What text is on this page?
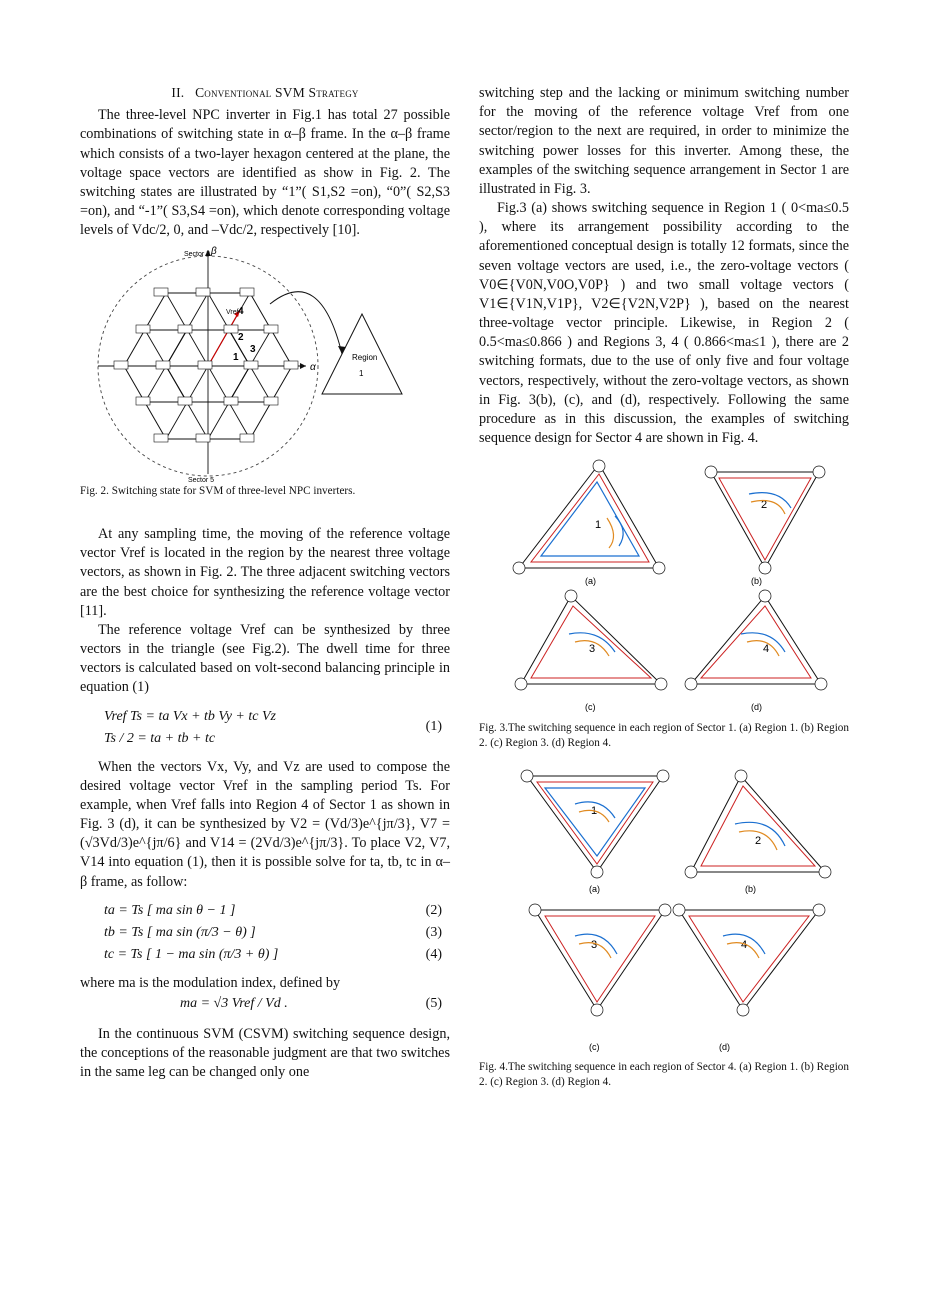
II. Conventional SVM Strategy

The three-level NPC inverter in Fig.1 has total 27 possible combinations of switching state in α–β frame. In the α–β frame which consists of a two-layer hexagon centered at the plane, the voltage space vectors are identified as show in Fig. 2. The switching states are illustrated by “1”( S1,S2 =on), “0”( S2,S3 =on), and “-1”( S3,S4 =on), which denote corresponding voltage levels of Vdc/2, 0, and –Vdc/2, respectively [10].

α
β
Vref
1
3
2
4
Sector 2
Sector 5
Region
1
Fig. 2. Switching state for SVM of three-level NPC inverters.

At any sampling time, the moving of the reference voltage vector Vref is located in the region by the nearest three voltage vectors, as shown in Fig. 2. The three adjacent switching vectors are the best choice for synthesizing the reference voltage vector [11].

The reference voltage Vref can be synthesized by three vectors in the triangle (see Fig.2). The dwell time for three vectors is calculated based on volt-second balancing principle in equation (1)

Vref Ts = ta Vx + tb Vy + tc Vz
Ts / 2 = ta + tb + tc
(1)

When the vectors Vx, Vy, and Vz are used to compose the desired voltage vector Vref in the sampling period Ts. For example, when Vref falls into Region 4 of Sector 1 as shown in Fig. 3 (d), it can be synthesized by V2 = (Vd/3)e^{jπ/3}, V7 = (√3Vd/3)e^{jπ/6} and V14 = (2Vd/3)e^{jπ/3}. To place V2, V7, V14 into equation (1), then it is possible solve for ta, tb, tc in α–β frame, as follow:

ta = Ts [ ma sin θ − 1 ]	(2)
tb = Ts [ ma sin (π/3 − θ) ]	(3)
tc = Ts [ 1 − ma sin (π/3 + θ) ]	(4)

where ma is the modulation index, defined by

ma = √3 Vref / Vd .	(5)

In the continuous SVM (CSVM) switching sequence design, the conceptions of the reasonable judgment are that two switches in the same leg can be changed only one

switching step and the lacking or minimum switching number for the moving of the reference voltage Vref from one sector/region to the next are required, in order to minimize the switching power losses for this inverter. Among these, the examples of the switching sequence arrangement in Sector 1 are illustrated in Fig. 3.

Fig.3 (a) shows switching sequence in Region 1 ( 0<ma≤0.5 ), where its arrangement possibility according to the aforementioned conceptual design is totally 12 formats, since the seven voltage vectors are used, i.e., the zero-voltage vectors ( V0∈{V0N,V0O,V0P} ) and two small voltage vectors ( V1∈{V1N,V1P}, V2∈{V2N,V2P} ), based on the nearest three-voltage vector principle. Likewise, in Region 2 ( 0.5<ma≤0.866 ) and Regions 3, 4 ( 0.866<ma≤1 ), there are 2 switching formats, due to the use of only five and four voltage vectors, respectively, without the zero-voltage vectors, as shown in Fig. 3(b), (c), and (d), respectively. Following the same procedure as in this discussion, the examples of switching sequence design for Sector 4 are shown in Fig. 4.

1
2
(a)	(b)
3	4
(c)	(d)
Fig. 3.The switching sequence in each region of Sector 1. (a) Region 1. (b) Region 2. (c) Region 3. (d) Region 4.
1
2
(a)	(b)
3	4
(c)	(d)
Fig. 4.The switching sequence in each region of Sector 4. (a) Region 1. (b) Region 2. (c) Region 3. (d) Region 4.
